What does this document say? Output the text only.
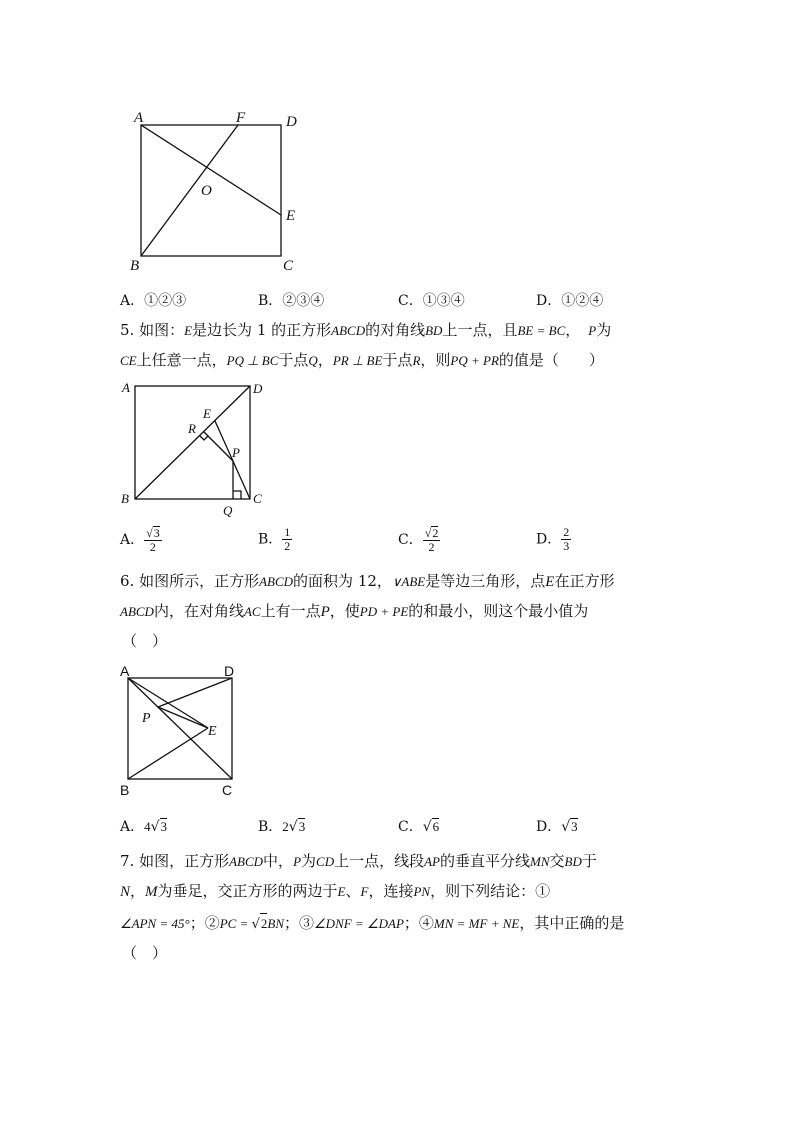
A	F	D
O
E
B	C
A．①②③	B．②③④	C．①③④	D．①②④
5. 如图：E是边长为 1 的正方形ABCD的对角线BD上一点，且BE = BC， P为
CE上任意一点，PQ ⊥ BC于点Q，PR ⊥ BE于点R，则PQ + PR的值是（　　）
A	D
E
R
P
B	C
Q
A． $\frac{√3}{2}$	B． $\frac{1}{2}$	C． $\frac{√2}{2}$	D． $\frac{2}{3}$
6. 如图所示，正方形ABCD的面积为 12，∨ABE是等边三角形，点E在正方形
ABCD内，在对角线AC上有一点P，使PD + PE的和最小，则这个最小值为
（　）
A	D
P
E
B	C
A．4√3	B．2√3	C．√6	D．√3
7. 如图，正方形ABCD中，P为CD上一点，线段AP的垂直平分线MN交BD于
N，M为垂足，交正方形的两边于E、F，连接PN，则下列结论：①
∠APN = 45°；②PC = √2BN；③∠DNF = ∠DAP；④MN = MF + NE，其中正确的是
（　）
